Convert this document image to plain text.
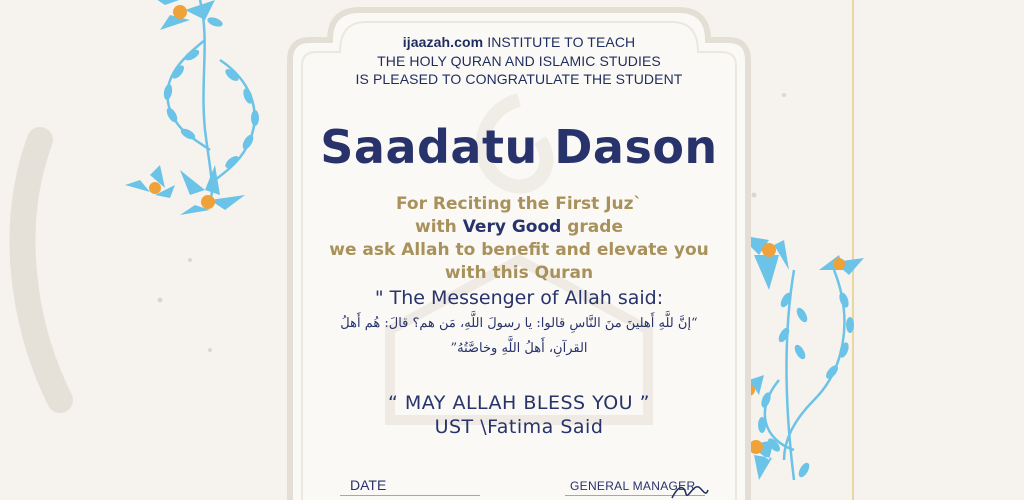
ijaazah.com INSTITUTE TO TEACH
THE HOLY QURAN AND ISLAMIC STUDIES
IS PLEASED TO CONGRATULATE THE STUDENT
Saadatu Dason
For Reciting the First Juz`
with Very Good grade
we ask Allah to benefit and elevate you
with this Quran
" The Messenger of Allah said:
“إنَّ للَّهِ أَهلينَ منَ النَّاسِ قالوا: يا رسولَ اللَّهِ، مَن هم؟ قالَ: هُم أَهلُ
القرآنِ، أَهلُ اللَّهِ وخاصَّتُهُ”
“ MAY ALLAH BLESS YOU ”
UST \Fatima Said
DATE	GENERAL MANAGER
